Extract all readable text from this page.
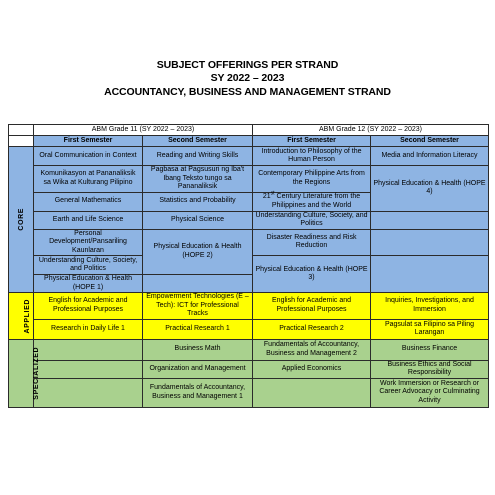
SUBJECT OFFERINGS PER STRAND
SY 2022 – 2023
ACCOUNTANCY, BUSINESS AND MANAGEMENT STRAND
	ABM Grade 11 (SY 2022 – 2023)		ABM Grade 12 (SY 2022 – 2023)	
	First Semester	Second Semester	First Semester	Second Semester
CORE	Oral Communication in Context	Reading and Writing Skills	Introduction to Philosophy of the Human Person	Media and Information Literacy
	Komunikasyon at Pananaliksik sa Wika at Kulturang Pilipino	Pagbasa at Pagsusuri ng Iba't Ibang Teksto tungo sa Pananaliksik	Contemporary Philippine Arts from the Regions	Physical Education & Health (HOPE 4)
	General Mathematics	Statistics and Probability	21st Century Literature from the Philippines and the World	
	Earth and Life Science	Physical Science	Understanding Culture, Society, and Politics	
	Personal Development/Pansariling Kaunlaran	Physical Education & Health (HOPE 2)	Disaster Readiness and Risk Reduction	
	Understanding Culture, Society, and Politics		Physical Education & Health (HOPE 3)	
	Physical Education & Health (HOPE 1)			
APPLIED	English for Academic and Professional Purposes	Empowerment Technologies (E – Tech): ICT for Professional Tracks	English for Academic and Professional Purposes	Inquiries, Investigations, and Immersion
	Research in Daily Life 1	Practical Research 1	Practical Research 2	Pagsulat sa Filipino sa Piling Larangan
SPECIALIZED		Business Math	Fundamentals of Accountancy, Business and Management 2	Business Finance
		Organization and Management	Applied Economics	Business Ethics and Social Responsibility
		Fundamentals of Accountancy, Business and Management 1		Work Immersion or Research or Career Advocacy or Culminating Activity
